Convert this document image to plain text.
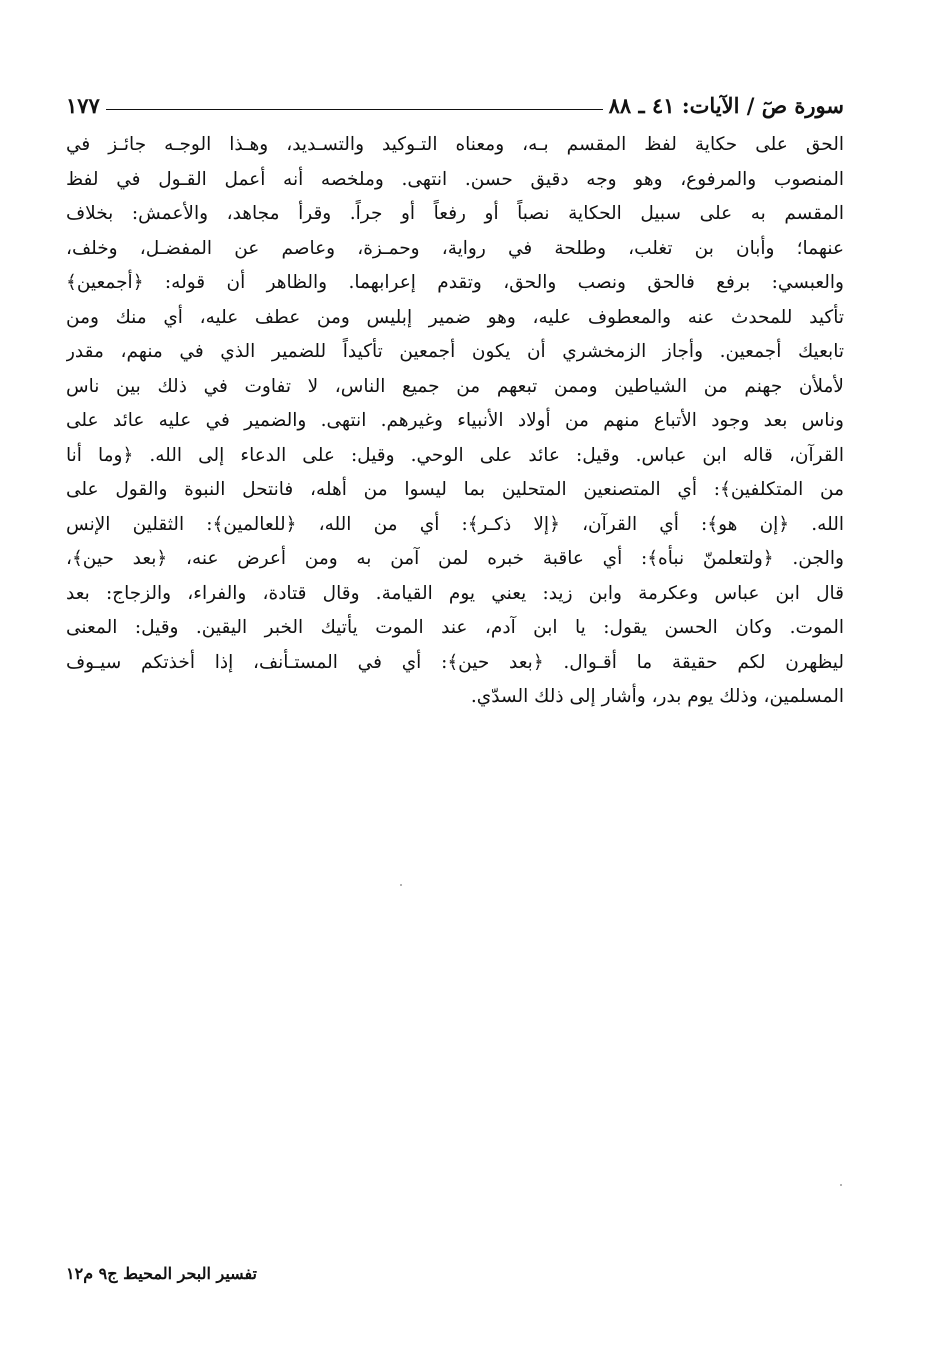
سورة صٓ / الآيات: ٤١ ـ ٨٨
١٧٧
الحق على حكاية لفظ المقسم بـه، ومعناه التـوكيد والتسـديد، وهـذا الوجـه جائـز في
المنصوب والمرفوع، وهو وجه دقيق حسن. انتهى. وملخصه أنه أعمل القـول في لفظ
المقسم به على سبيل الحكاية نصباً أو رفعاً أو جراً. وقرأ مجاهد، والأعمش: بخلاف
عنهما؛ وأبان بن تغلب، وطلحة في رواية، وحمـزة، وعاصم عن المفضـل، وخلف،
والعبسي: برفع فالحق ونصب والحق، وتقدم إعرابهما. والظاهر أن قوله: ﴿أجمعين﴾
تأكيد للمحدث عنه والمعطوف عليه، وهو ضمير إبليس ومن عطف عليه، أي منك ومن
تابعيك أجمعين. وأجاز الزمخشري أن يكون أجمعين تأكيداً للضمير الذي في منهم، مقدر
لأملأن جهنم من الشياطين وممن تبعهم من جميع الناس، لا تفاوت في ذلك بين ناس
وناس بعد وجود الأتباع منهم من أولاد الأنبياء وغيرهم. انتهى. والضمير في عليه عائد على
القرآن، قاله ابن عباس. وقيل: عائد على الوحي. وقيل: على الدعاء إلى الله. ﴿وما أنا
من المتكلفين﴾: أي المتصنعين المتحلين بما ليسوا من أهله، فانتحل النبوة والقول على
الله. ﴿إن هو﴾: أي القرآن، ﴿إلا ذكـر﴾: أي من الله، ﴿للعالمين﴾: الثقلين الإنس
والجن. ﴿ولتعلمنّ نبأه﴾: أي عاقبة خبره لمن آمن به ومن أعرض عنه، ﴿بعد حين﴾،
قال ابن عباس وعكرمة وابن زيد: يعني يوم القيامة. وقال قتادة، والفراء، والزجاج: بعد
الموت. وكان الحسن يقول: يا ابن آدم، عند الموت يأتيك الخبر اليقين. وقيل: المعنى
ليظهرن لكم حقيقة ما أقـوال. ﴿بعد حين﴾: أي في المستـأنف، إذا أخذتكم سيـوف
المسلمين، وذلك يوم بدر، وأشار إلى ذلك السدّي.
تفسير البحر المحيط ج٩ م١٢
